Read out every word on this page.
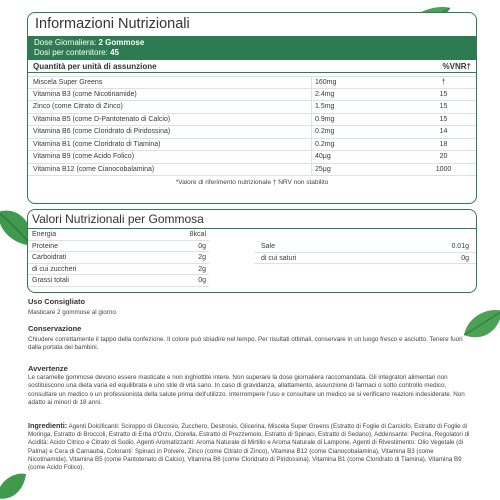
Informazioni Nutrizionali
Dose Giornaliera: 2 Gommose
Dosi per contenitore: 45
Quantità per unità di assunzione	%VNR†
Miscela Super Greens	160mg	†
Vitamina B3 (come Nicotinamide)	2.4mg	15
Zinco (come Citrato di Zinco)	1.5mg	15
Vitamina B5 (come D-Pantotenato di Calcio)	0.9mg	15
Vitamina B6 (come Cloridrato di Piridossina)	0.2mg	14
Vitamina B1 (come Cloridrato di Tiamina)	0.2mg	18
Vitamina B9 (come Acido Folico)	40μg	20
Vitamina B12 (come Cianocobalamina)	25μg	1000
*Valore di riferimento nutrizionale † NRV non stabilito
Valori Nutrizionali per Gommosa
Energia	8kcal
Proteine	0g
Carboidrati	2g
di cui zuccheri	2g
Grassi totali	0g
Sale	0.01g
di cui saturi	0g
Uso Consigliato

Masticare 2 gommose al giorno.

Conservazione

Chiudere correttamente il tappo della confezione. Il colore può sbiadire nel tempo. Per risultati ottimali, conservare in un luogo fresco e asciutto. Tenere fuori dalla portata dei bambini.

Avvertenze

Le caramelle gommose devono essere masticate e non inghiottite intere. Non superare la dose giornaliera raccomandata. Gli integratori alimentari non sostituiscono una dieta varia ed equilibrata e uno stile di vita sano. In caso di gravidanza, allattamento, assunzione di farmaci o sotto controllo medico, consultare un medico o un professionista della salute prima dell'utilizzo. Interrompere l'uso e consultare un medico se si verificano reazioni indesiderate. Non adatto ai minori di 18 anni.

Ingredienti: Agenti Dolcificanti: Sciroppo di Glucosio, Zucchero, Destrosio, Glicerina, Miscela Super Greens (Estratto di Foglie di Carciofo, Estratto di Foglie di Moringa, Estratto di Broccoli, Estratto di Erba d'Orzo, Clorella, Estratto di Prezzemolo, Estratto di Spinaci, Estratto di Sedano), Addensante: Pectina, Regolatori di Acidità: Acido Citrico e Citrato di Sodio, Agenti Aromatizzanti: Aroma Naturale di Mirtillo e Aroma Naturale di Lampone, Agenti di Rivestimento: Olio Vegetale (di Palma) e Cera di Carnauba, Coloranti: Spinaci in Polvere, Zinco (come Citrato di Zinco), Vitamina B12 (come Cianocobalamina), Vitamina B3 (come Nicotinamide), Vitamina B5 (come Pantotenato di Calcio), Vitamina B6 (come Cloridrato di Piridossina), Vitamina B1 (come Cloridrato di Tiamina), Vitamina B9 (come Acido Folico).
